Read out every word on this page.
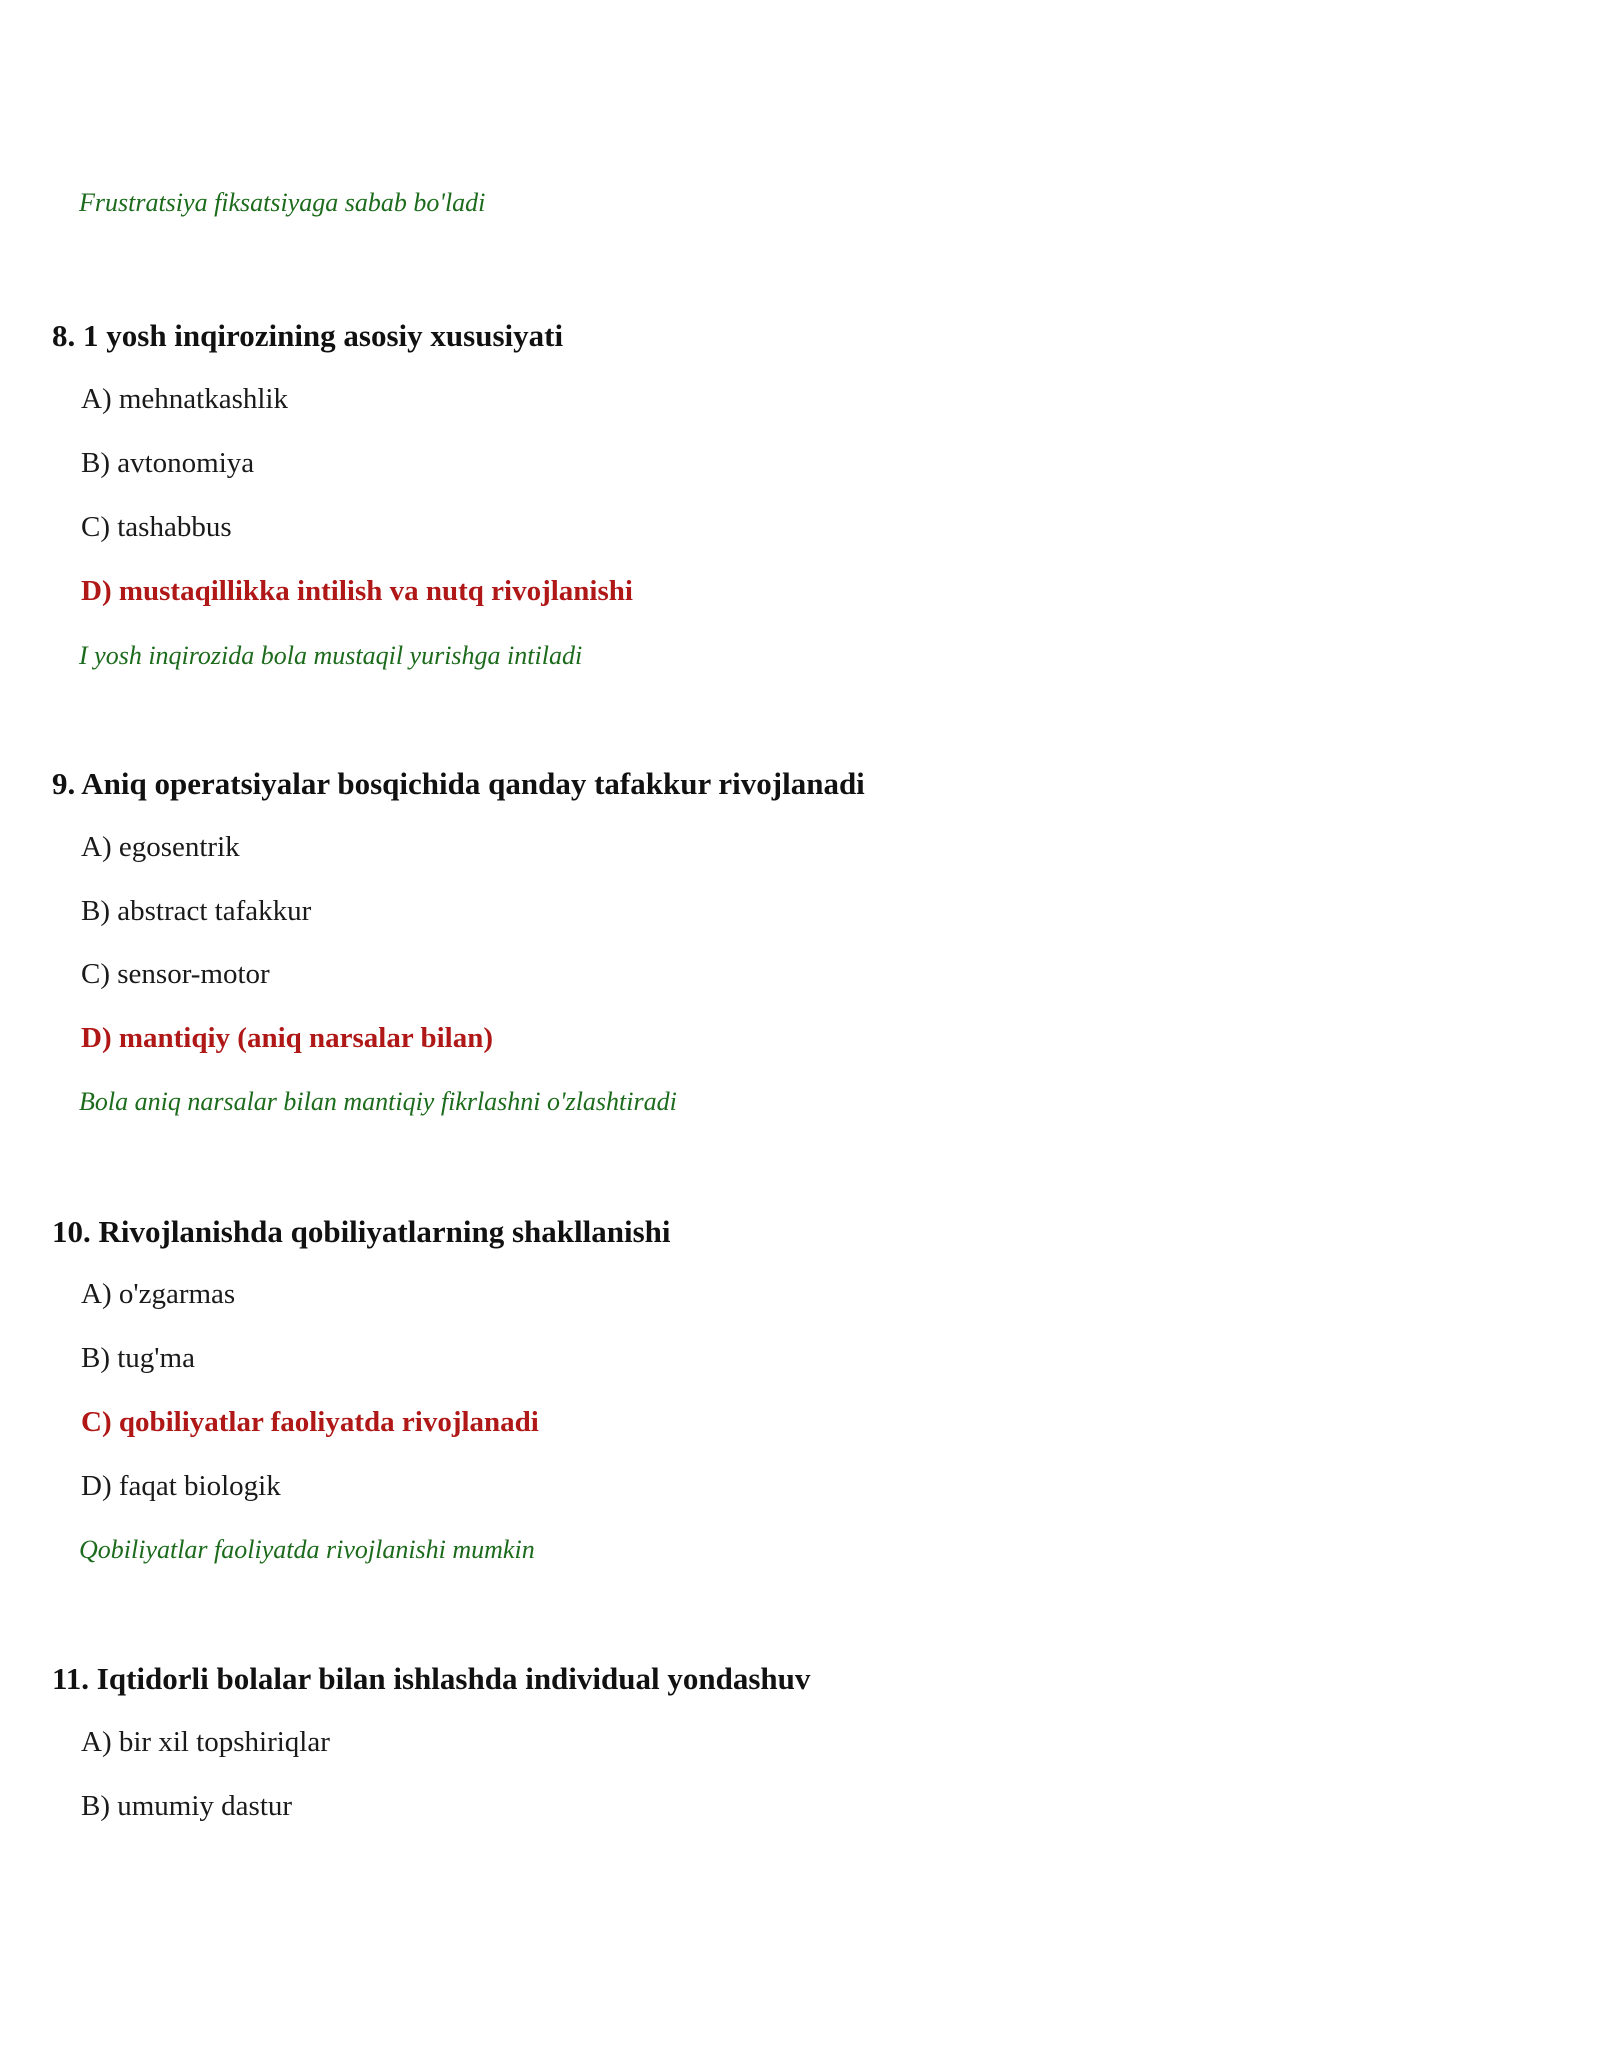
Frustratsiya fiksatsiyaga sabab bo'ladi
8. 1 yosh inqirozining asosiy xususiyati
A) mehnatkashlik
B) avtonomiya
C) tashabbus
D) mustaqillikka intilish va nutq rivojlanishi
I yosh inqirozida bola mustaqil yurishga intiladi
9. Aniq operatsiyalar bosqichida qanday tafakkur rivojlanadi
A) egosentrik
B) abstract tafakkur
C) sensor-motor
D) mantiqiy (aniq narsalar bilan)
Bola aniq narsalar bilan mantiqiy fikrlashni o'zlashtiradi
10. Rivojlanishda qobiliyatlarning shakllanishi
A) o'zgarmas
B) tug'ma
C) qobiliyatlar faoliyatda rivojlanadi
D) faqat biologik
Qobiliyatlar faoliyatda rivojlanishi mumkin
11. Iqtidorli bolalar bilan ishlashda individual yondashuv
A) bir xil topshiriqlar
B) umumiy dastur
